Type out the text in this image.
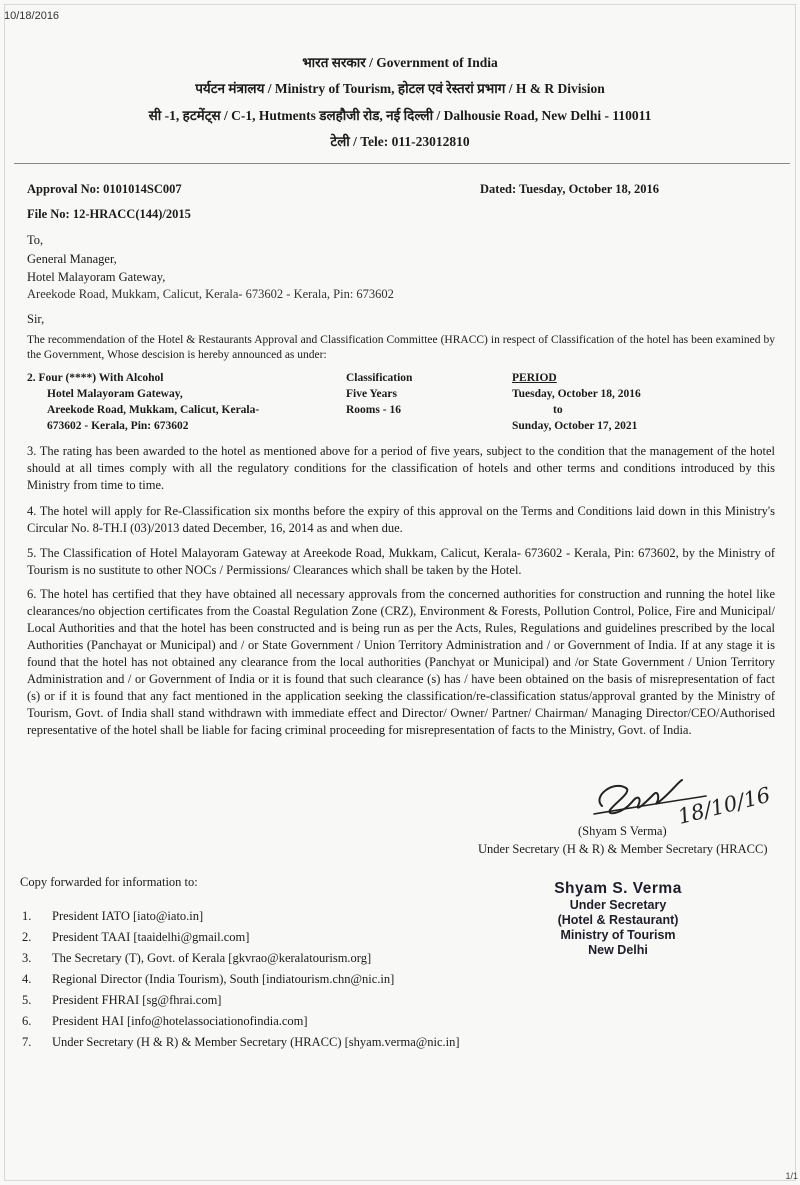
10/18/2016
भारत सरकार / Government of India
पर्यटन मंत्रालय / Ministry of Tourism, होटल एवं रेस्तरां प्रभाग / H & R Division
सी -1, हटमेंट्स / C-1, Hutments डलहौजी रोड, नई दिल्ली / Dalhousie Road, New Delhi - 110011
टेली / Tele: 011-23012810
Approval No: 0101014SC007	Dated: Tuesday, October 18, 2016
File No: 12-HRACC(144)/2015
To,
General Manager,
Hotel Malayoram Gateway,
Areekode Road, Mukkam, Calicut, Kerala- 673602 - Kerala, Pin: 673602
Sir,
The recommendation of the Hotel & Restaurants Approval and Classification Committee (HRACC) in respect of Classification of the hotel has been examined by the Government, Whose descision is hereby announced as under:
2. Four (****) With Alcohol
Hotel Malayoram Gateway,
Areekode Road, Mukkam, Calicut, Kerala-
673602 - Kerala, Pin: 673602
Classification
Five Years
Rooms - 16
PERIOD
Tuesday, October 18, 2016
to
Sunday, October 17, 2021
3. The rating has been awarded to the hotel as mentioned above for a period of five years, subject to the condition that the management of the hotel should at all times comply with all the regulatory conditions for the classification of hotels and other terms and conditions introduced by this Ministry from time to time.
4. The hotel will apply for Re-Classification six months before the expiry of this approval on the Terms and Conditions laid down in this Ministry's Circular No. 8-TH.I (03)/2013 dated December, 16, 2014 as and when due.
5. The Classification of Hotel Malayoram Gateway at Areekode Road, Mukkam, Calicut, Kerala- 673602 - Kerala, Pin: 673602, by the Ministry of Tourism is no sustitute to other NOCs / Permissions/ Clearances which shall be taken by the Hotel.
6. The hotel has certified that they have obtained all necessary approvals from the concerned authorities for construction and running the hotel like clearances/no objection certificates from the Coastal Regulation Zone (CRZ), Environment & Forests, Pollution Control, Police, Fire and Municipal/ Local Authorities and that the hotel has been constructed and is being run as per the Acts, Rules, Regulations and guidelines prescribed by the local Authorities (Panchayat or Municipal) and / or State Government / Union Territory Administration and / or Government of India. If at any stage it is found that the hotel has not obtained any clearance from the local authorities (Panchyat or Municipal) and /or State Government / Union Territory Administration and / or Government of India or it is found that such clearance (s) has / have been obtained on the basis of misrepresentation of fact (s) or if it is found that any fact mentioned in the application seeking the classification/re-classification status/approval granted by the Ministry of Tourism, Govt. of India shall stand withdrawn with immediate effect and Director/ Owner/ Partner/ Chairman/ Managing Director/CEO/Authorised representative of the hotel shall be liable for facing criminal proceeding for misrepresentation of facts to the Ministry, Govt. of India.
18/10/16
(Shyam S Verma)
Under Secretary (H & R) & Member Secretary (HRACC)
Copy forwarded for information to:
1. President IATO [iato@iato.in]
2. President TAAI [taaidelhi@gmail.com]
3. The Secretary (T), Govt. of Kerala [gkvrao@keralatourism.org]
4. Regional Director (India Tourism), South [indiatourism.chn@nic.in]
5. President FHRAI [sg@fhrai.com]
6. President HAI [info@hotelassociationofindia.com]
7. Under Secretary (H & R) & Member Secretary (HRACC) [shyam.verma@nic.in]
Shyam S. Verma
Under Secretary
(Hotel & Restaurant)
Ministry of Tourism
New Delhi
1/1
